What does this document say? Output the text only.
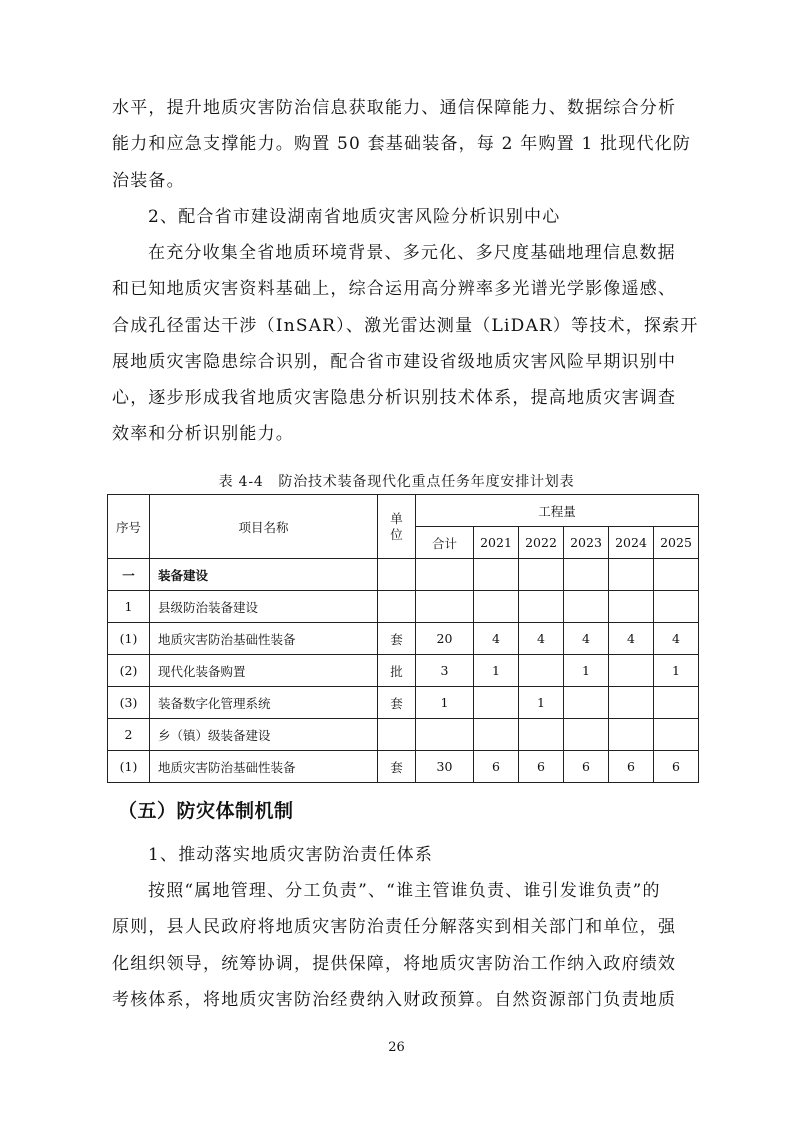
水平，提升地质灾害防治信息获取能力、通信保障能力、数据综合分析
能力和应急支撑能力。购置 50 套基础装备，每 2 年购置 1 批现代化防
治装备。
2、配合省市建设湖南省地质灾害风险分析识别中心
在充分收集全省地质环境背景、多元化、多尺度基础地理信息数据
和已知地质灾害资料基础上，综合运用高分辨率多光谱光学影像遥感、
合成孔径雷达干涉（InSAR）、激光雷达测量（LiDAR）等技术，探索开
展地质灾害隐患综合识别，配合省市建设省级地质灾害风险早期识别中
心，逐步形成我省地质灾害隐患分析识别技术体系，提高地质灾害调查
效率和分析识别能力。
表 4-4　防治技术装备现代化重点任务年度安排计划表
序号	项目名称	单位	工程量					
			合计	2021	2022	2023	2024	2025
一	装备建设							
1	县级防治装备建设							
(1)	地质灾害防治基础性装备	套	20	4	4	4	4	4
(2)	现代化装备购置	批	3	1		1		1
(3)	装备数字化管理系统	套	1		1			
2	乡（镇）级装备建设							
(1)	地质灾害防治基础性装备	套	30	6	6	6	6	6
（五）防灾体制机制
1、推动落实地质灾害防治责任体系
按照“属地管理、分工负责”、“谁主管谁负责、谁引发谁负责”的
原则，县人民政府将地质灾害防治责任分解落实到相关部门和单位，强
化组织领导，统筹协调，提供保障，将地质灾害防治工作纳入政府绩效
考核体系，将地质灾害防治经费纳入财政预算。自然资源部门负责地质
26
